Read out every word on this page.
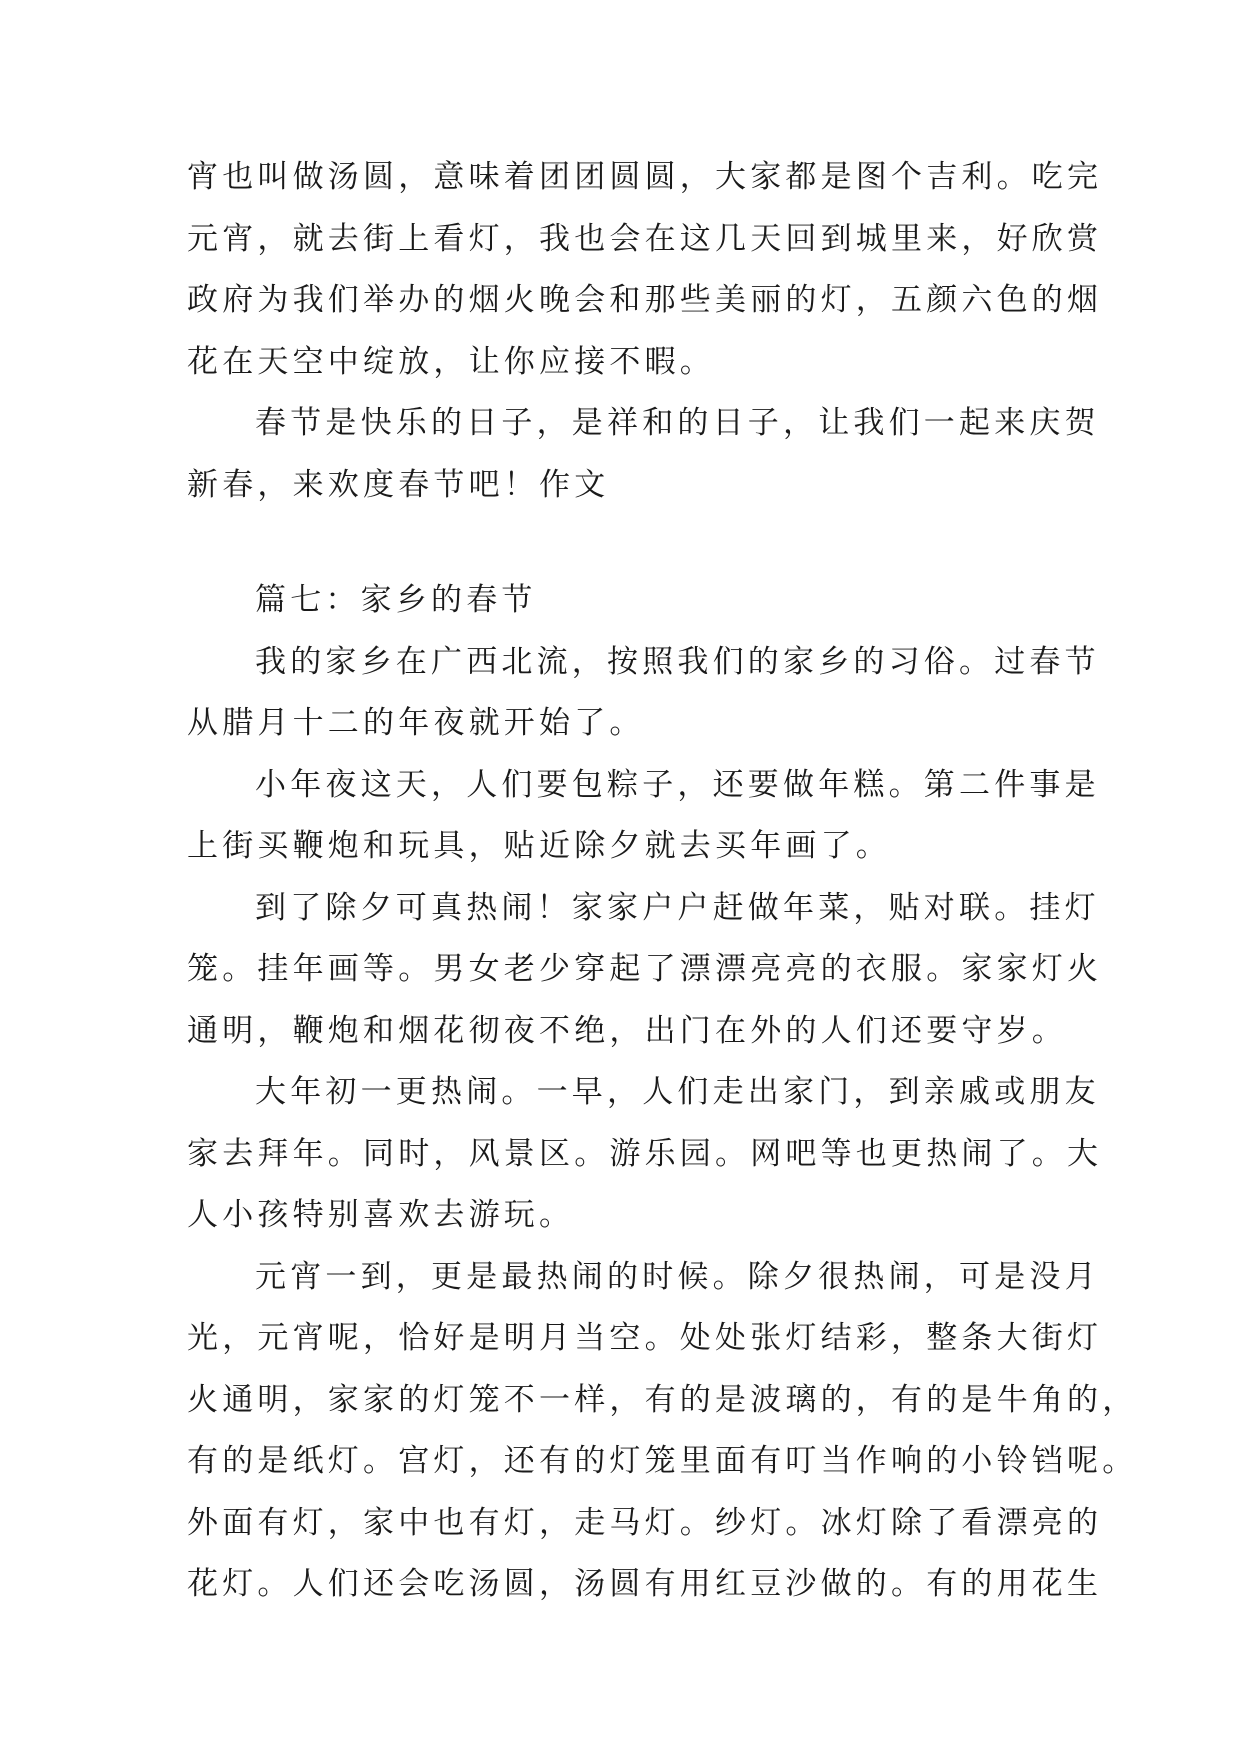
宵也叫做汤圆，意味着团团圆圆，大家都是图个吉利。吃完
元宵，就去街上看灯，我也会在这几天回到城里来，好欣赏
政府为我们举办的烟火晚会和那些美丽的灯，五颜六色的烟
花在天空中绽放，让你应接不暇。
春节是快乐的日子，是祥和的日子，让我们一起来庆贺
新春，来欢度春节吧！作文
篇七：家乡的春节
我的家乡在广西北流，按照我们的家乡的习俗。过春节
从腊月十二的年夜就开始了。
小年夜这天，人们要包粽子，还要做年糕。第二件事是
上街买鞭炮和玩具，贴近除夕就去买年画了。
到了除夕可真热闹！家家户户赶做年菜，贴对联。挂灯
笼。挂年画等。男女老少穿起了漂漂亮亮的衣服。家家灯火
通明，鞭炮和烟花彻夜不绝，出门在外的人们还要守岁。
大年初一更热闹。一早，人们走出家门，到亲戚或朋友
家去拜年。同时，风景区。游乐园。网吧等也更热闹了。大
人小孩特别喜欢去游玩。
元宵一到，更是最热闹的时候。除夕很热闹，可是没月
光，元宵呢，恰好是明月当空。处处张灯结彩，整条大街灯
火通明，家家的灯笼不一样，有的是波璃的，有的是牛角的，
有的是纸灯。宫灯，还有的灯笼里面有叮当作响的小铃铛呢。
外面有灯，家中也有灯，走马灯。纱灯。冰灯除了看漂亮的
花灯。人们还会吃汤圆，汤圆有用红豆沙做的。有的用花生
